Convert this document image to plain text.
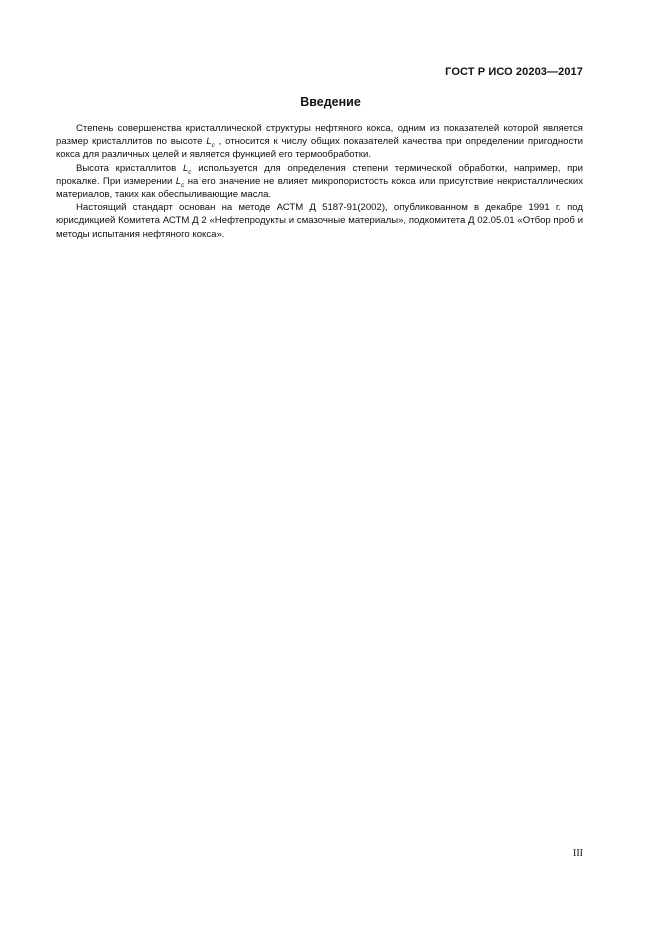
ГОСТ Р ИСО 20203—2017
Введение

Степень совершенства кристаллической структуры нефтяного кокса, одним из показателей которой является размер кристаллитов по высоте $L_c$ , относится к числу общих показателей качества при определении пригодности кокса для различных целей и является функцией его термообработки.

Высота кристаллитов $L_c$ используется для определения степени термической обработки, например, при прокалке. При измерении $L_c$ на его значение не влияет микропористость кокса или присутствие некристаллических материалов, таких как обеспыливающие масла.

Настоящий стандарт основан на методе АСТМ Д 5187-91(2002), опубликованном в декабре 1991 г. под юрисдикцией Комитета АСТМ Д 2 «Нефтепродукты и смазочные материалы», подкомитета Д 02.05.01 «Отбор проб и методы испытания нефтяного кокса».

III
